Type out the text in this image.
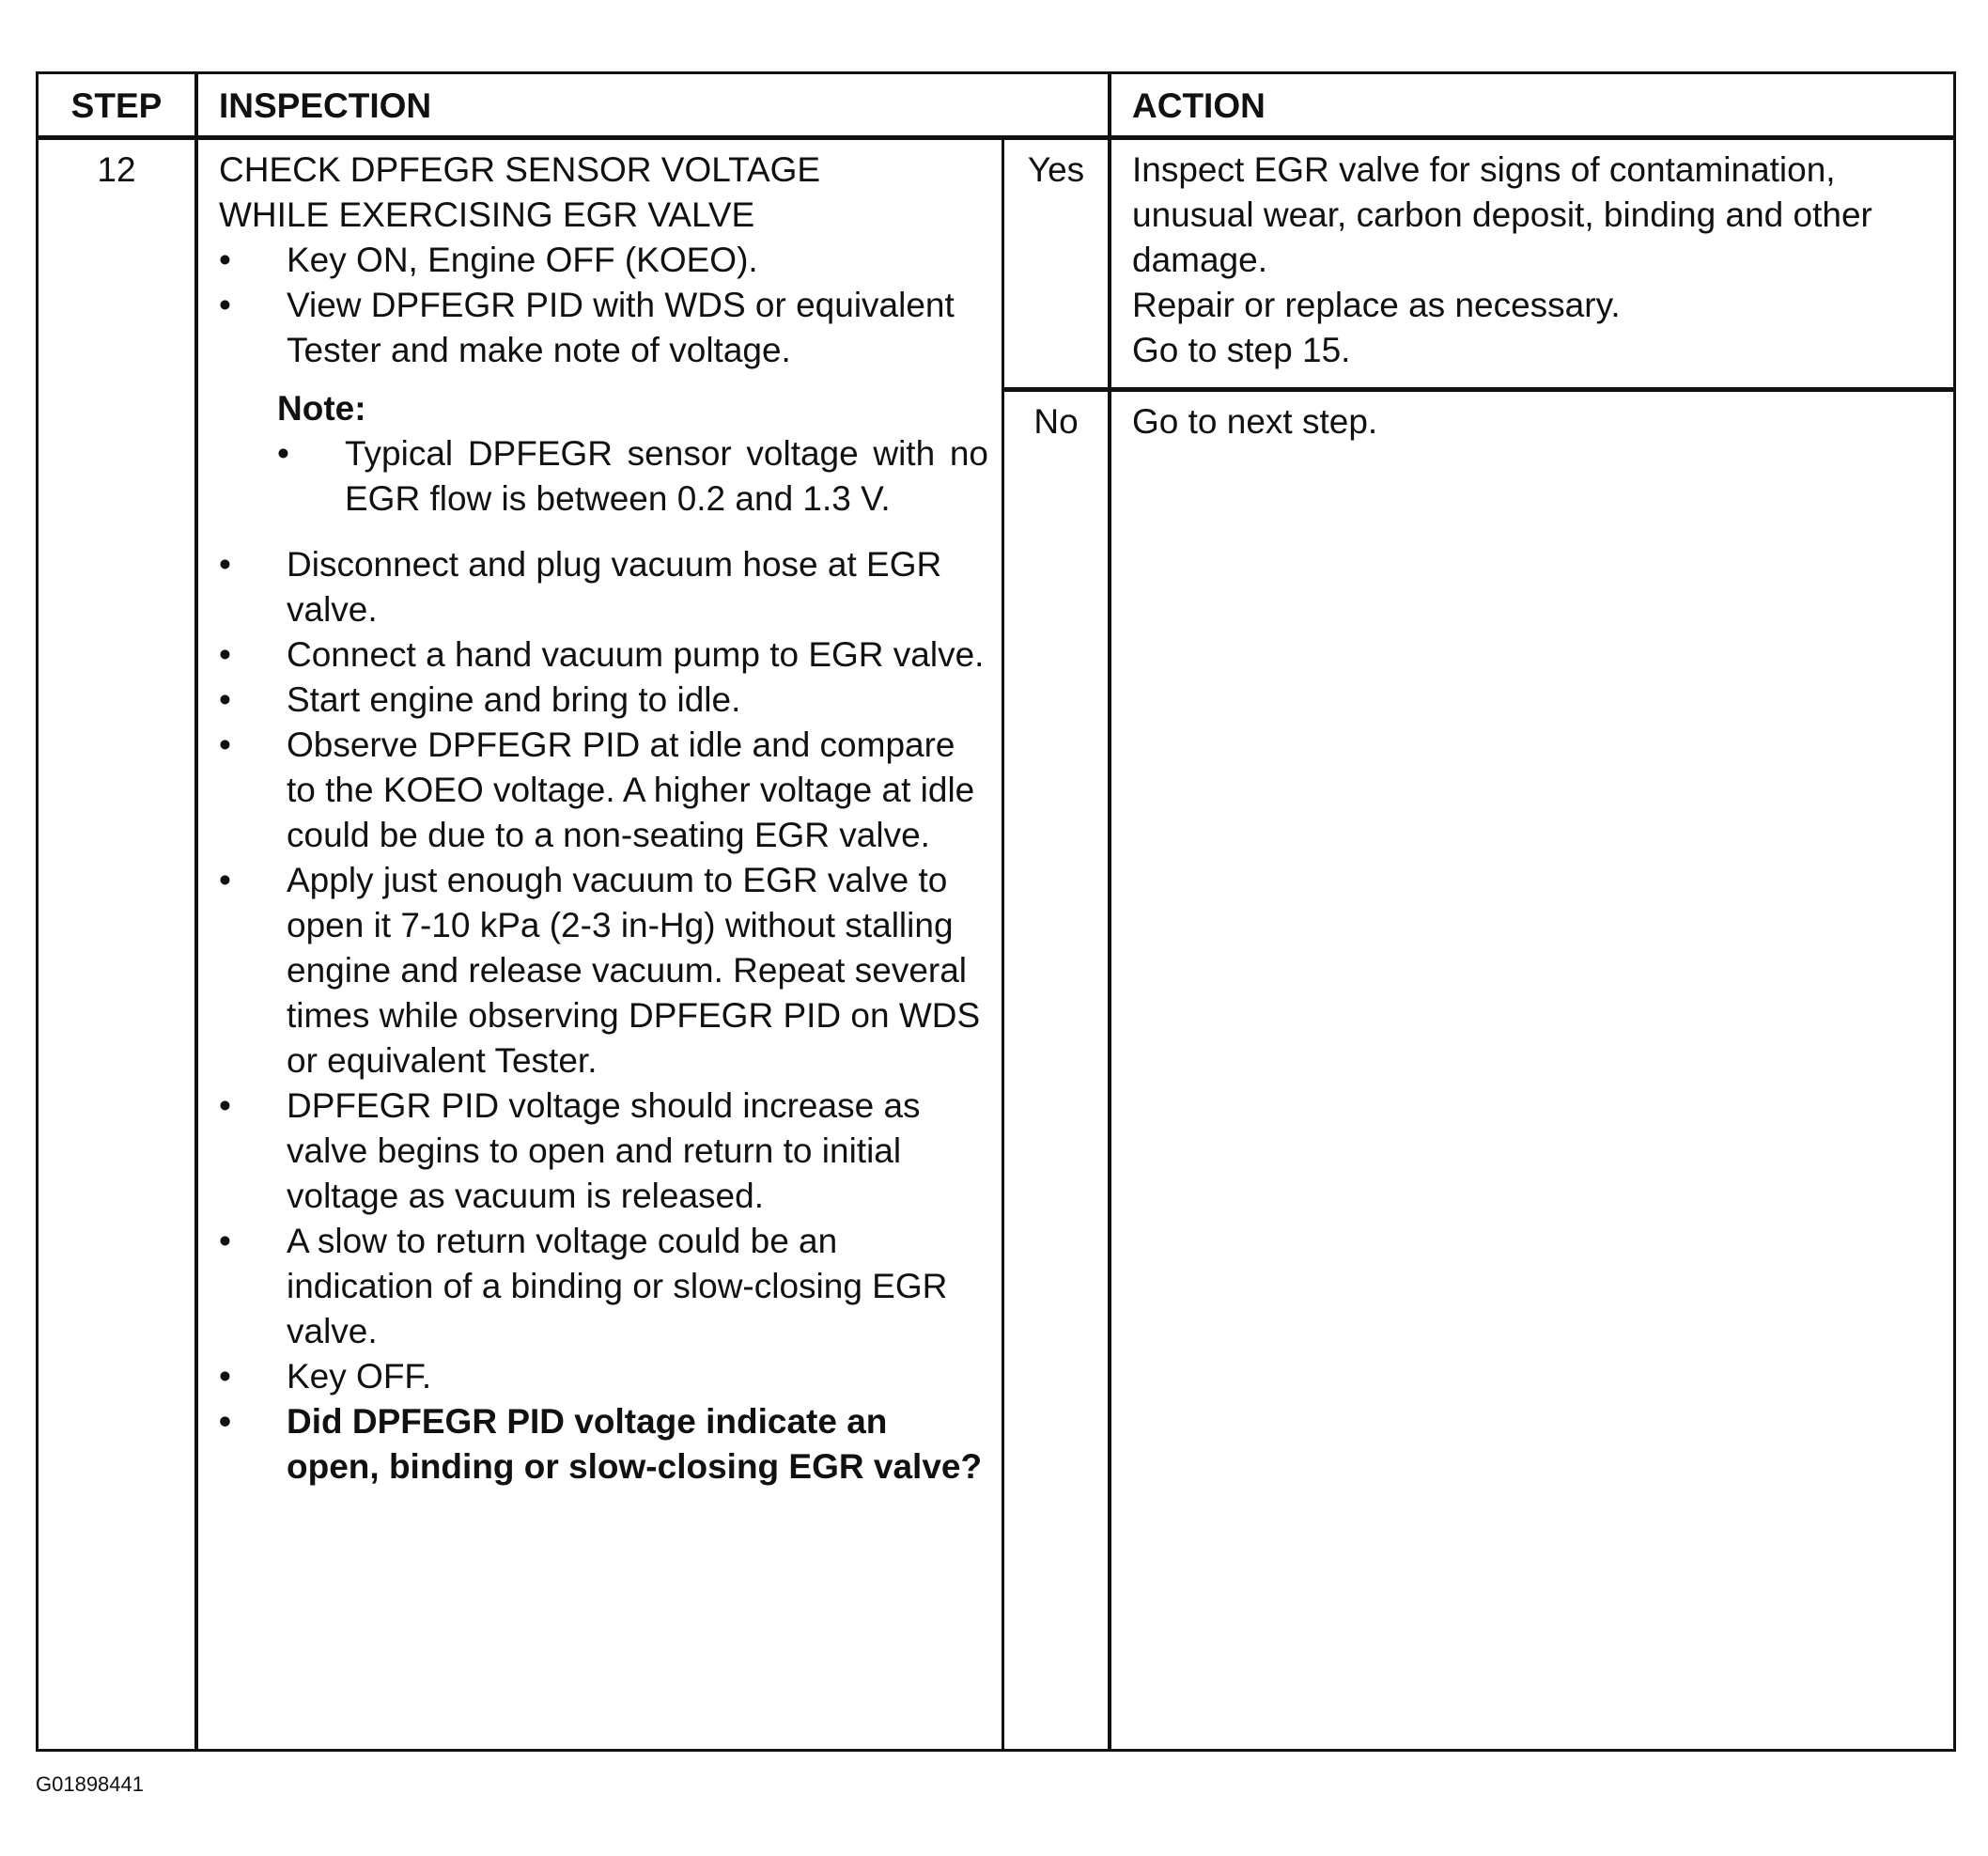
STEP	INSPECTION	ACTION
12	CHECK DPFEGR SENSOR VOLTAGE
WHILE EXERCISING EGR VALVE
• Key ON, Engine OFF (KOEO).
• View DPFEGR PID with WDS or equivalent Tester and make note of voltage.
Note:
• Typical DPFEGR sensor voltage with no EGR flow is between 0.2 and 1.3 V.
• Disconnect and plug vacuum hose at EGR valve.
• Connect a hand vacuum pump to EGR valve.
• Start engine and bring to idle.
• Observe DPFEGR PID at idle and compare to the KOEO voltage. A higher voltage at idle could be due to a non-seating EGR valve.
• Apply just enough vacuum to EGR valve to open it 7-10 kPa (2-3 in-Hg) without stalling engine and release vacuum. Repeat several times while observing DPFEGR PID on WDS or equivalent Tester.
• DPFEGR PID voltage should increase as valve begins to open and return to initial voltage as vacuum is released.
• A slow to return voltage could be an indication of a binding or slow-closing EGR valve.
• Key OFF.
• Did DPFEGR PID voltage indicate an open, binding or slow-closing EGR valve?
Yes	Inspect EGR valve for signs of contamination, unusual wear, carbon deposit, binding and other damage.
Repair or replace as necessary.
Go to step 15.
No	Go to next step.
G01898441
